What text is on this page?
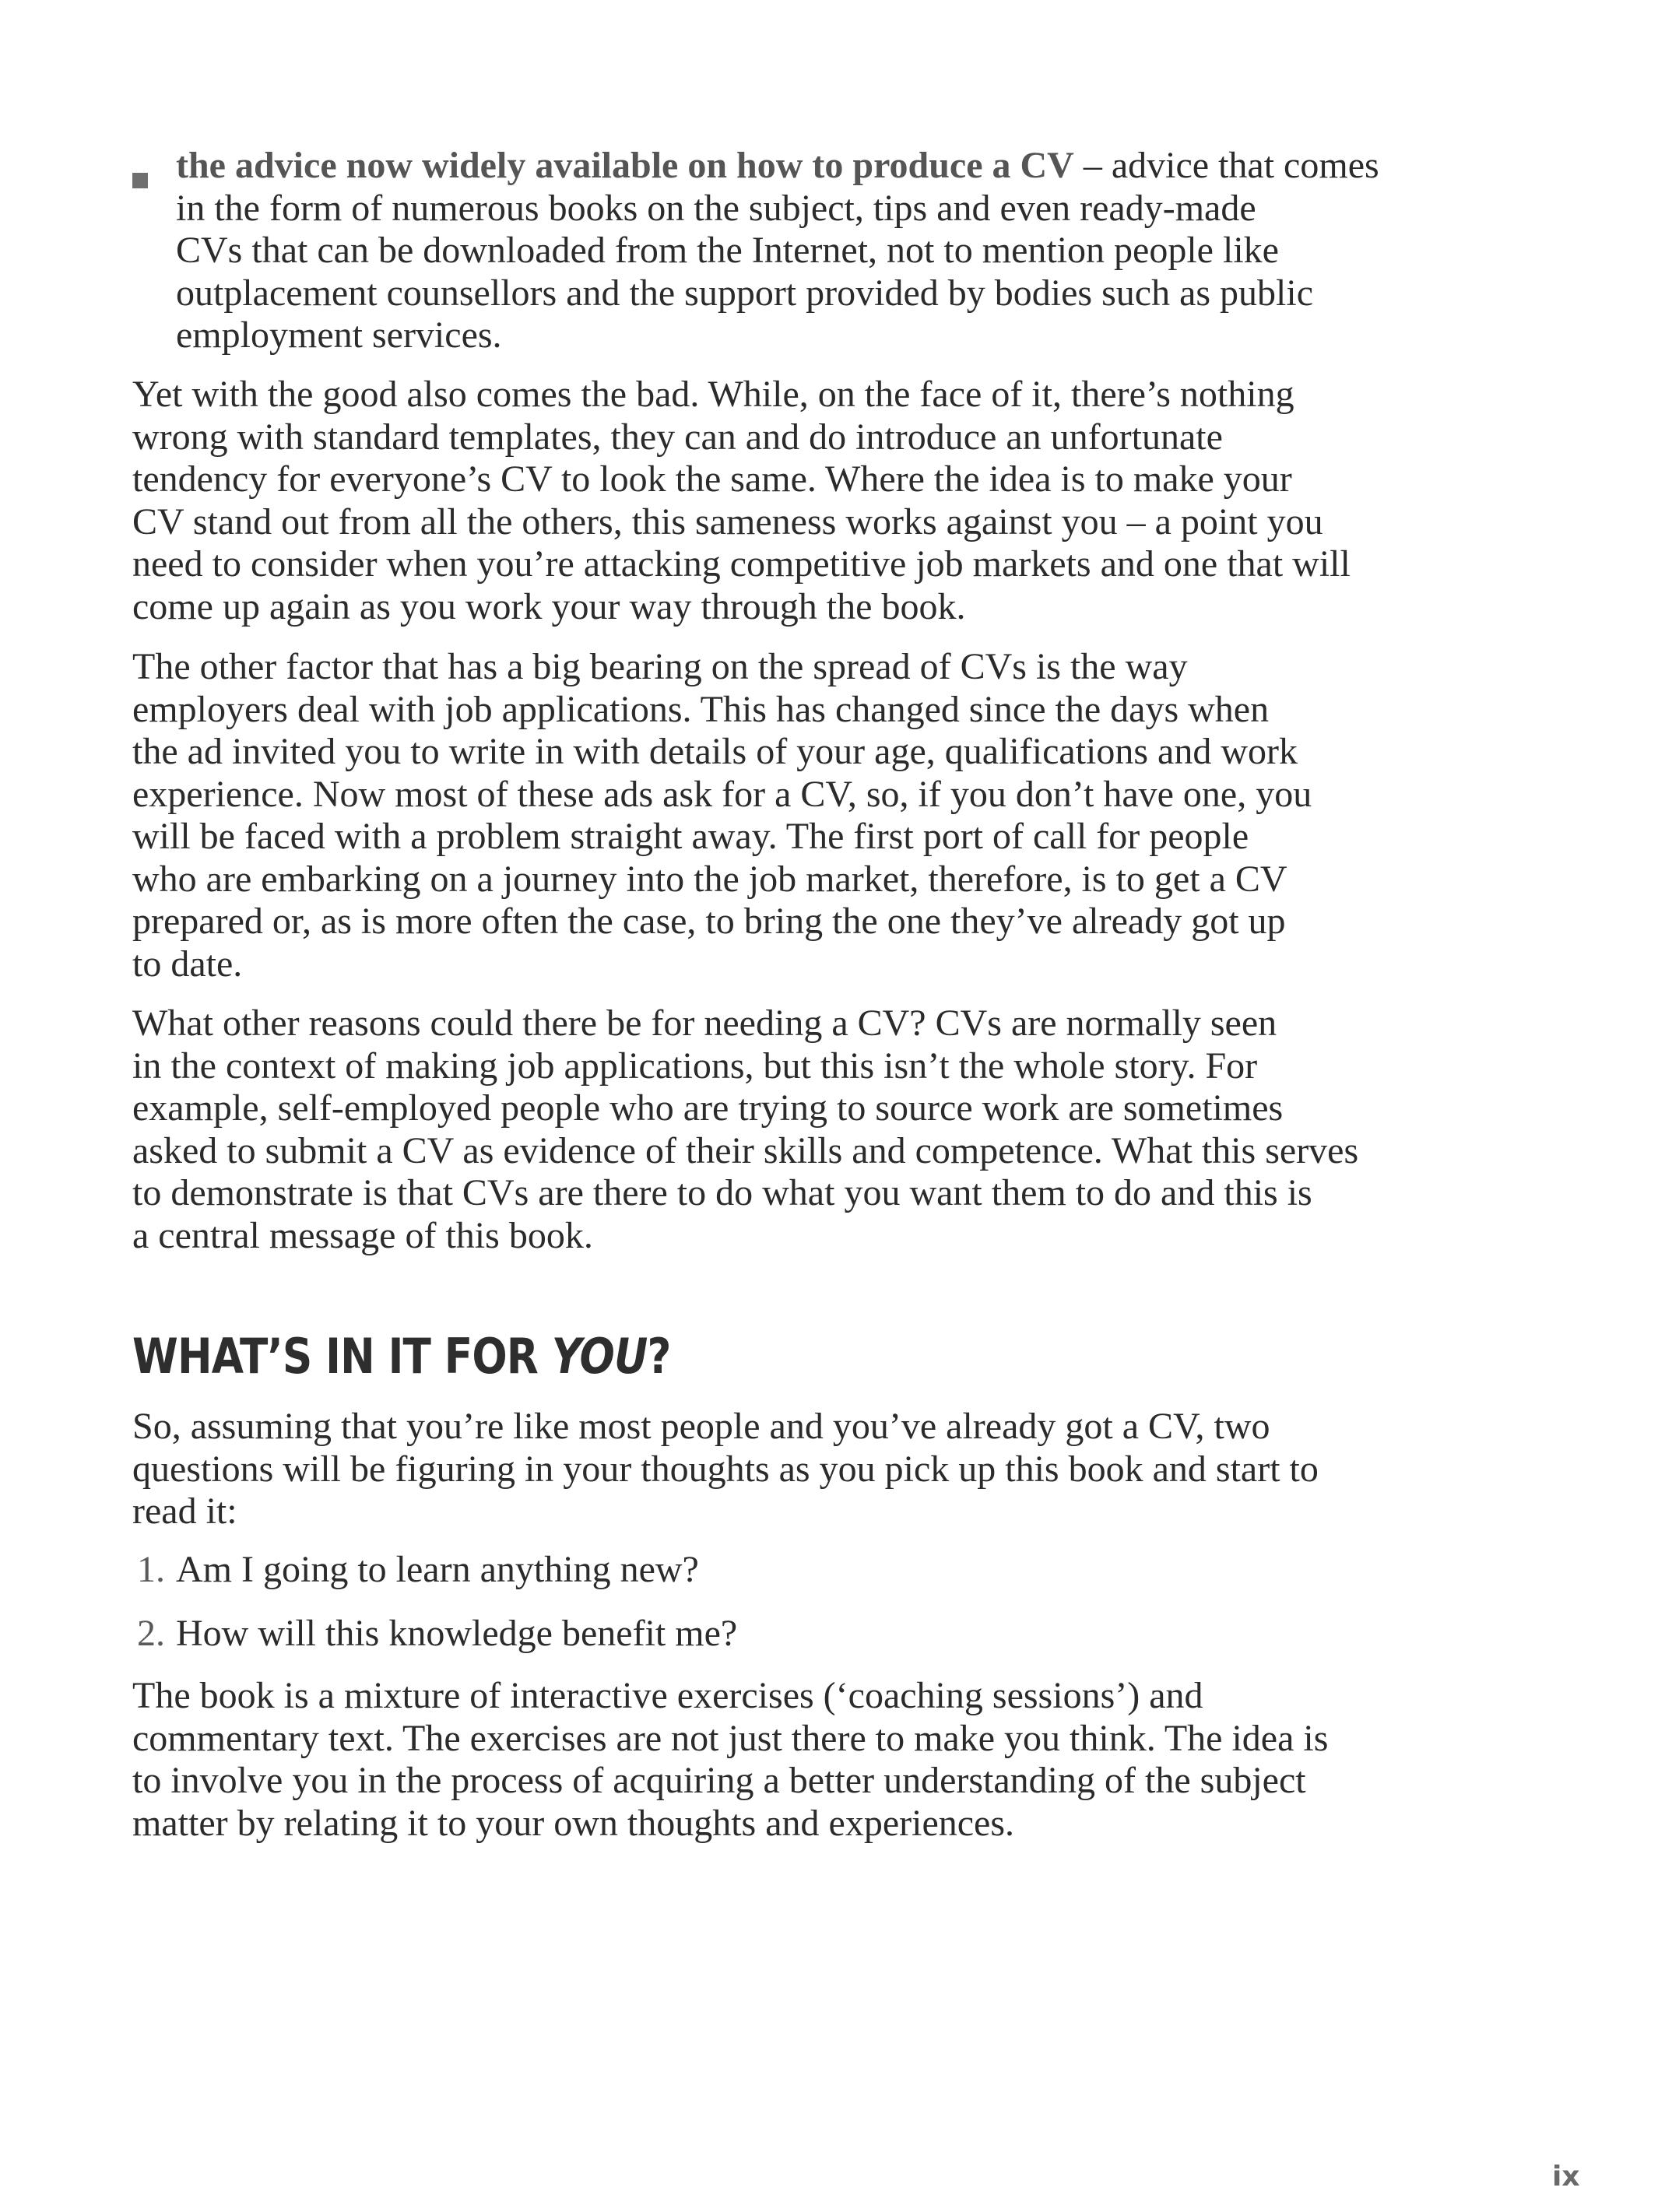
the advice now widely available on how to produce a CV – advice that comes
in the form of numerous books on the subject, tips and even ready-made
CVs that can be downloaded from the Internet, not to mention people like
outplacement counsellors and the support provided by bodies such as public
employment services.

Yet with the good also comes the bad. While, on the face of it, there’s nothing
wrong with standard templates, they can and do introduce an unfortunate
tendency for everyone’s CV to look the same. Where the idea is to make your
CV stand out from all the others, this sameness works against you – a point you
need to consider when you’re attacking competitive job markets and one that will
come up again as you work your way through the book.

The other factor that has a big bearing on the spread of CVs is the way
employers deal with job applications. This has changed since the days when
the ad invited you to write in with details of your age, qualifications and work
experience. Now most of these ads ask for a CV, so, if you don’t have one, you
will be faced with a problem straight away. The first port of call for people
who are embarking on a journey into the job market, therefore, is to get a CV
prepared or, as is more often the case, to bring the one they’ve already got up
to date.

What other reasons could there be for needing a CV? CVs are normally seen
in the context of making job applications, but this isn’t the whole story. For
example, self-employed people who are trying to source work are sometimes
asked to submit a CV as evidence of their skills and competence. What this serves
to demonstrate is that CVs are there to do what you want them to do and this is
a central message of this book.

WHAT’S IN IT FOR YOU?

So, assuming that you’re like most people and you’ve already got a CV, two
questions will be figuring in your thoughts as you pick up this book and start to
read it:

1. Am I going to learn anything new?
2. How will this knowledge benefit me?

The book is a mixture of interactive exercises (‘coaching sessions’) and
commentary text. The exercises are not just there to make you think. The idea is
to involve you in the process of acquiring a better understanding of the subject
matter by relating it to your own thoughts and experiences.

ix
